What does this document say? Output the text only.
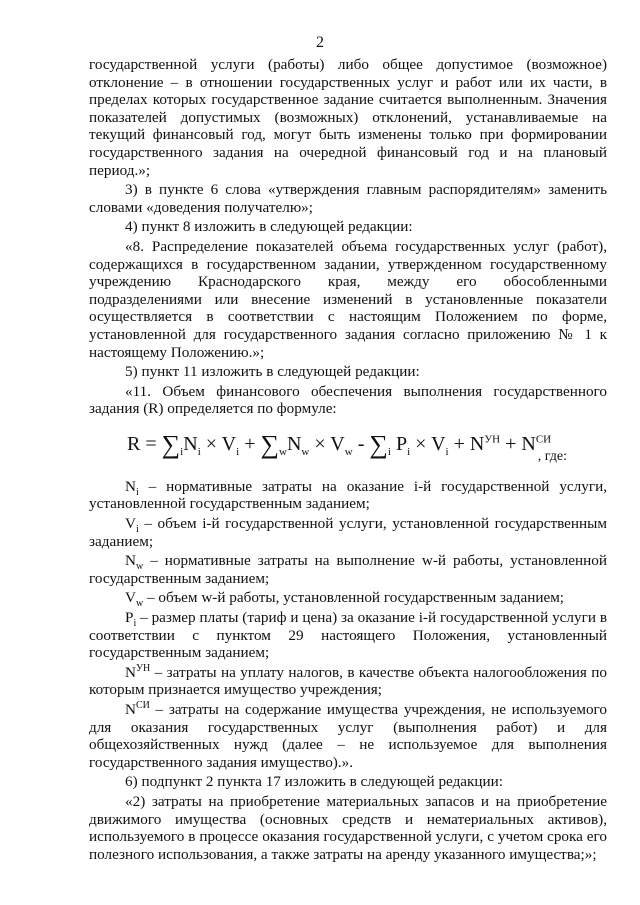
2

государственной услуги (работы) либо общее допустимое (возможное) отклонение – в отношении государственных услуг и работ или их части, в пределах которых государственное задание считается выполненным. Значения показателей допустимых (возможных) отклонений, устанавливаемые на текущий финансовый год, могут быть изменены только при формировании государственного задания на очередной финансовый год и на плановый период.»;

3) в пункте 6 слова «утверждения главным распорядителям» заменить словами «доведения получателю»;

4) пункт 8 изложить в следующей редакции:

«8. Распределение показателей объема государственных услуг (работ), содержащихся в государственном задании, утвержденном государственному учреждению Краснодарского края, между его обособленными подразделениями или внесение изменений в установленные показатели осуществляется в соответствии с настоящим Положением по форме, установленной для государственного задания согласно приложению № 1 к настоящему Положению.»;

5) пункт 11 изложить в следующей редакции:

«11. Объем финансового обеспечения выполнения государственного задания (R) определяется по формуле:

$R = \sum_iN_i \times V_i + \sum_wN_w \times V_w - \sum_i$ $P_i \times V_i + N^{УН} + N^{СИ}$
, где:

$N_i$ – нормативные затраты на оказание i-й государственной услуги, установленной государственным заданием;

$V_i$ – объем i-й государственной услуги, установленной государственным заданием;

$N_w$ – нормативные затраты на выполнение w-й работы, установленной государственным заданием;

$V_w$ – объем w-й работы, установленной государственным заданием;

$P_i$ – размер платы (тариф и цена) за оказание i-й государственной услуги в соответствии с пунктом 29 настоящего Положения, установленный государственным заданием;

$N^{УН}$ – затраты на уплату налогов, в качестве объекта налогообложения по которым признается имущество учреждения;

$N^{СИ}$ – затраты на содержание имущества учреждения, не используемого для оказания государственных услуг (выполнения работ) и для общехозяйственных нужд (далее – не используемое для выполнения государственного задания имущество).».

6) подпункт 2 пункта 17 изложить в следующей редакции:

«2) затраты на приобретение материальных запасов и на приобретение движимого имущества (основных средств и нематериальных активов), используемого в процессе оказания государственной услуги, с учетом срока его полезного использования, а также затраты на аренду указанного имущества;»;
